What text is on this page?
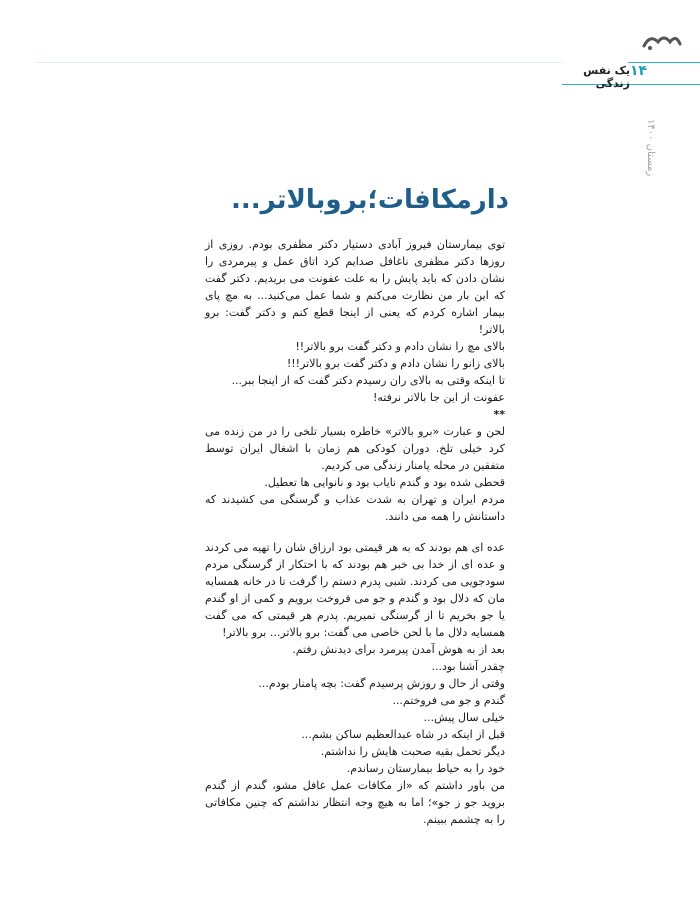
یک نفس زندگی
۱۴
زمستان ۱۴۰۰
دارمکافات؛بروبالاتر...

توی بیمارستان فیروز آبادی دستیار دکتر مظفری بودم. روزی از روزها دکتر مظفری ناغافل صدایم کرد اتاق عمل و پیرمردی را نشان دادن که باید پایش را به علت عفونت می بریدیم. دکتر گفت که این بار من نظارت می‌کنم و شما عمل می‌کنید... به مچ پای بیمار اشاره کردم که یعنی از اینجا قطع کنم و دکتر گفت: برو بالاتر!

بالای مچ را نشان دادم و دکتر گفت برو بالاتر!!

بالای زانو را نشان دادم و دکتر گفت برو بالاتر!!!

تا اینکه وقتی به بالای ران رسیدم دکتر گفت که از اینجا ببر...

عفونت از این جا بالاتر نرفته!

**

لحن و عبارت «برو بالاتر» خاطره بسیار تلخی را در من زنده می کرد خیلی تلخ. دوران کودکی هم زمان با اشغال ایران توسط متفقین در محله پامنار زندگی می کردیم.

قحطی شده بود و گندم نایاب بود و نانوایی ها تعطیل.

مردم ایران و تهران به شدت عذاب و گرسنگی می کشیدند که داستانش را همه می دانند.

عده ای هم بودند که به هر قیمتی بود ارزاق شان را تهیه می کردند و عده ای از خدا بی خبر هم بودند که با احتکار از گرسنگی مردم سودجویی می کردند. شبی پدرم دستم را گرفت تا در خانه همسایه مان که دلال بود و گندم و جو می فروخت برویم و کمی از او گندم یا جو بخریم تا از گرسنگی نمیریم. پدرم هر قیمتی که می گفت همسایه دلال ما با لحن خاصی می گفت: برو بالاتر... برو بالاتر!

بعد از به هوش آمدن پیرمرد برای دیدنش رفتم.

چقدر آشنا بود...

وقتی از حال و روزش پرسیدم گفت: بچه پامنار بودم...

گندم و جو می فروختم...

خیلی سال پیش...

قبل از اینکه در شاه عبدالعظیم ساکن بشم...

دیگر تحمل بقیه صحبت هایش را نداشتم.

خود را به حیاط بیمارستان رساندم.

من باور داشتم که «از مکافات عمل غافل مشو، گندم از گندم بروید جو ز جو»؛ اما به هیچ وجه انتظار نداشتم که چنین مکافاتی را به چشمم ببینم.
